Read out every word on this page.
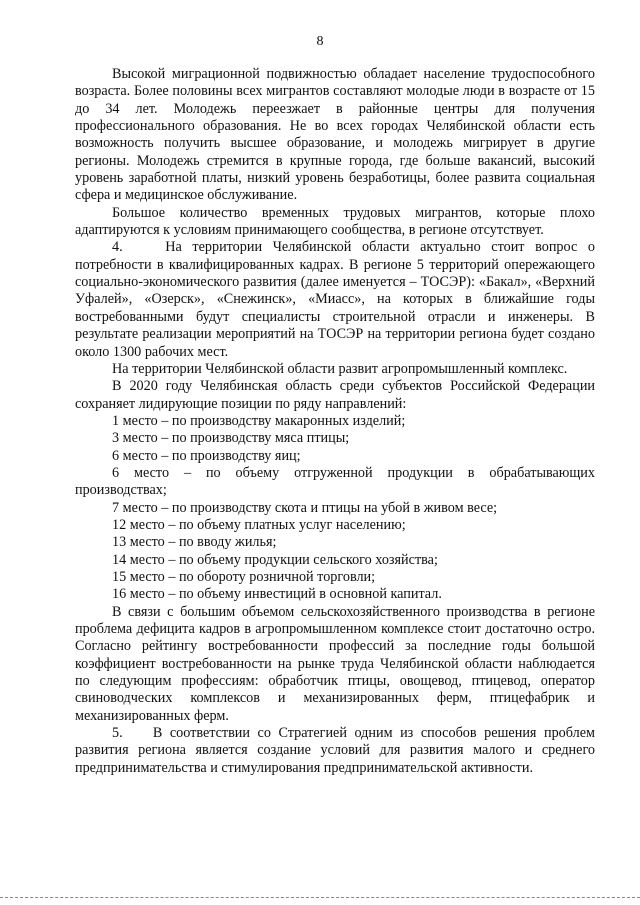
8

Высокой миграционной подвижностью обладает население трудоспособного возраста. Более половины всех мигрантов составляют молодые люди в возрасте от 15 до 34 лет. Молодежь переезжает в районные центры для получения профессионального образования. Не во всех городах Челябинской области есть возможность получить высшее образование, и молодежь мигрирует в другие регионы. Молодежь стремится в крупные города, где больше вакансий, высокий уровень заработной платы, низкий уровень безработицы, более развита социальная сфера и медицинское обслуживание.

Большое количество временных трудовых мигрантов, которые плохо адаптируются к условиям принимающего сообщества, в регионе отсутствует.

4.    На территории Челябинской области актуально стоит вопрос о потребности в квалифицированных кадрах. В регионе 5 территорий опережающего социально-экономического развития (далее именуется – ТОСЭР): «Бакал», «Верхний Уфалей», «Озерск», «Снежинск», «Миасс», на которых в ближайшие годы востребованными будут специалисты строительной отрасли и инженеры. В результате реализации мероприятий на ТОСЭР на территории региона будет создано около 1300 рабочих мест.

На территории Челябинской области развит агропромышленный комплекс.

В 2020 году Челябинская область среди субъектов Российской Федерации сохраняет лидирующие позиции по ряду направлений:

1 место – по производству макаронных изделий;

3 место – по производству мяса птицы;

6 место – по производству яиц;

6 место – по объему отгруженной продукции в обрабатывающих производствах;

7 место – по производству скота и птицы на убой в живом весе;

12 место – по объему платных услуг населению;

13 место – по вводу жилья;

14 место – по объему продукции сельского хозяйства;

15 место – по обороту розничной торговли;

16 место – по объему инвестиций в основной капитал.

В связи с большим объемом сельскохозяйственного производства в регионе проблема дефицита кадров в агропромышленном комплексе стоит достаточно остро. Согласно рейтингу востребованности профессий за последние годы большой коэффициент востребованности на рынке труда Челябинской области наблюдается по следующим профессиям: обработчик птицы, овощевод, птицевод, оператор свиноводческих комплексов и механизированных ферм, птицефабрик и механизированных ферм.

5.    В соответствии со Стратегией одним из способов решения проблем развития региона является создание условий для развития малого и среднего предпринимательства и стимулирования предпринимательской активности.
